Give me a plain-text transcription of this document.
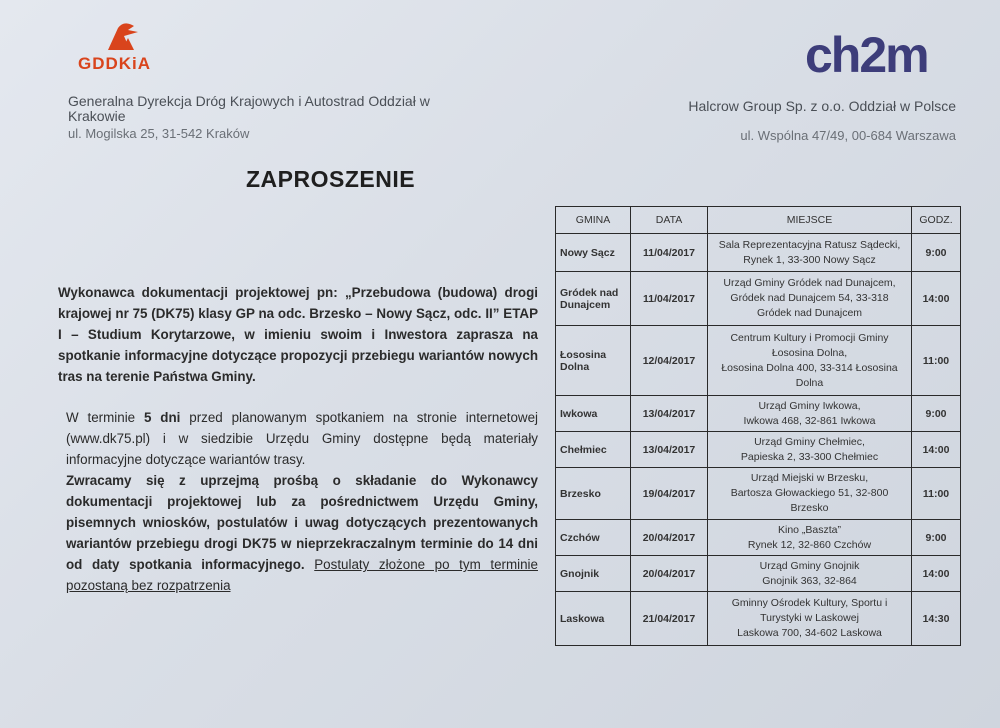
GDDKiA
Generalna Dyrekcja Dróg Krajowych i Autostrad Oddział w Krakowie
ul. Mogilska 25, 31-542 Kraków
ch2m
Halcrow Group Sp. z o.o. Oddział w Polsce
ul. Wspólna 47/49, 00-684 Warszawa
ZAPROSZENIE

Wykonawca dokumentacji projektowej pn: „Przebudowa (budowa) drogi krajowej nr 75 (DK75) klasy GP na odc. Brzesko – Nowy Sącz, odc. II” ETAP I – Studium Korytarzowe, w imieniu swoim i Inwestora zaprasza na spotkanie informacyjne dotyczące propozycji przebiegu wariantów nowych tras na terenie Państwa Gminy.

W terminie 5 dni przed planowanym spotkaniem na stronie internetowej (www.dk75.pl) i w siedzibie Urzędu Gminy dostępne będą materiały informacyjne dotyczące wariantów trasy.

Zwracamy się z uprzejmą prośbą o składanie do Wykonawcy dokumentacji projektowej lub za pośrednictwem Urzędu Gminy, pisemnych wniosków, postulatów i uwag dotyczących prezentowanych wariantów przebiegu drogi DK75 w nieprzekraczalnym terminie do 14 dni od daty spotkania informacyjnego. Postulaty złożone po tym terminie pozostaną bez rozpatrzenia

GMINA	DATA	MIEJSCE	GODZ.
Nowy Sącz	11/04/2017	Sala Reprezentacyjna Ratusz Sądecki,
Rynek 1, 33-300 Nowy Sącz	9:00
Gródek nad Dunajcem	11/04/2017	Urząd Gminy Gródek nad Dunajcem,
Gródek nad Dunajcem 54, 33-318
Gródek nad Dunajcem	14:00
Łososina Dolna	12/04/2017	Centrum Kultury i Promocji Gminy
Łososina Dolna,
Łososina Dolna 400, 33-314 Łososina
Dolna	11:00
Iwkowa	13/04/2017	Urząd Gminy Iwkowa,
Iwkowa 468, 32-861 Iwkowa	9:00
Chełmiec	13/04/2017	Urząd Gminy Chełmiec,
Papieska 2, 33-300 Chełmiec	14:00
Brzesko	19/04/2017	Urząd Miejski w Brzesku,
Bartosza Głowackiego 51, 32-800
Brzesko	11:00
Czchów	20/04/2017	Kino „Baszta”
Rynek 12, 32-860 Czchów	9:00
Gnojnik	20/04/2017	Urząd Gminy Gnojnik
Gnojnik 363, 32-864	14:00
Laskowa	21/04/2017	Gminny Ośrodek Kultury, Sportu i
Turystyki w Laskowej
Laskowa 700, 34-602 Laskowa	14:30
